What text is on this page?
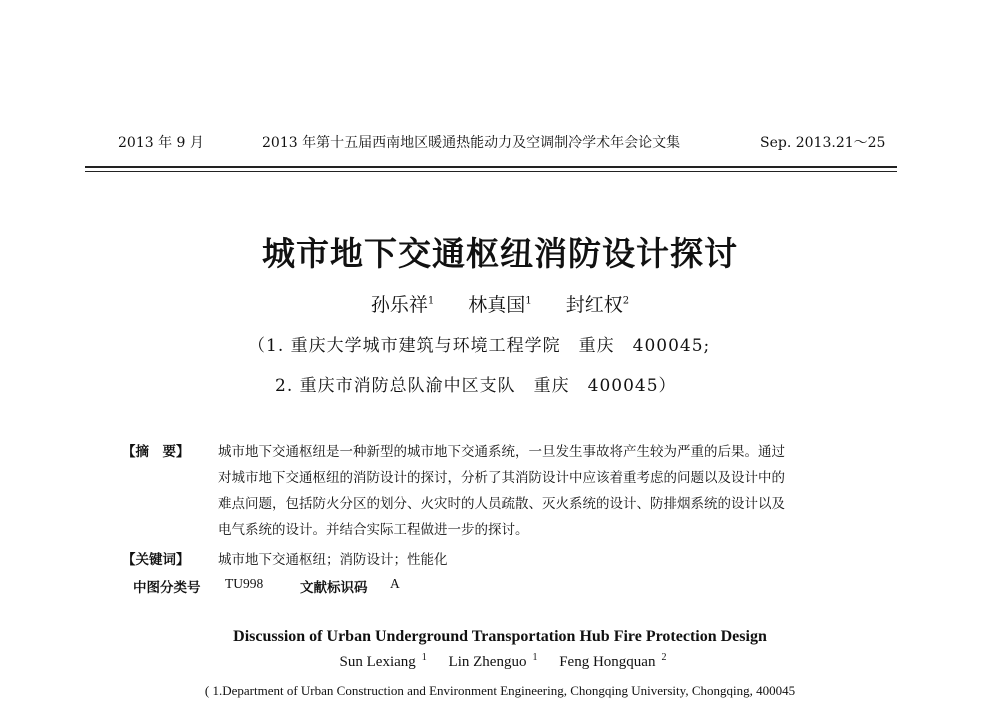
2013 年 9 月	2013 年第十五届西南地区暖通热能动力及空调制冷学术年会论文集	Sep. 2013.21～25
城市地下交通枢纽消防设计探讨
孙乐祥$^1$ 林真国$^1$ 封红权$^2$
（1. 重庆大学城市建筑与环境工程学院　重庆　400045;
2. 重庆市消防总队渝中区支队　重庆　400045）
【摘　要】 城市地下交通枢纽是一种新型的城市地下交通系统，一旦发生事故将产生较为严重的后果。通过
对城市地下交通枢纽的消防设计的探讨，分析了其消防设计中应该着重考虑的问题以及设计中的
难点问题，包括防火分区的划分、火灾时的人员疏散、灭火系统的设计、防排烟系统的设计以及
电气系统的设计。并结合实际工程做进一步的探讨。
【关键词】 城市地下交通枢纽；消防设计；性能化
中图分类号 TU998	文献标识码 A
Discussion of Urban Underground Transportation Hub Fire Protection Design
Sun Lexiang $^1$ Lin Zhenguo $^1$ Feng Hongquan $^2$
( 1.Department of Urban Construction and Environment Engineering, Chongqing University, Chongqing, 400045
